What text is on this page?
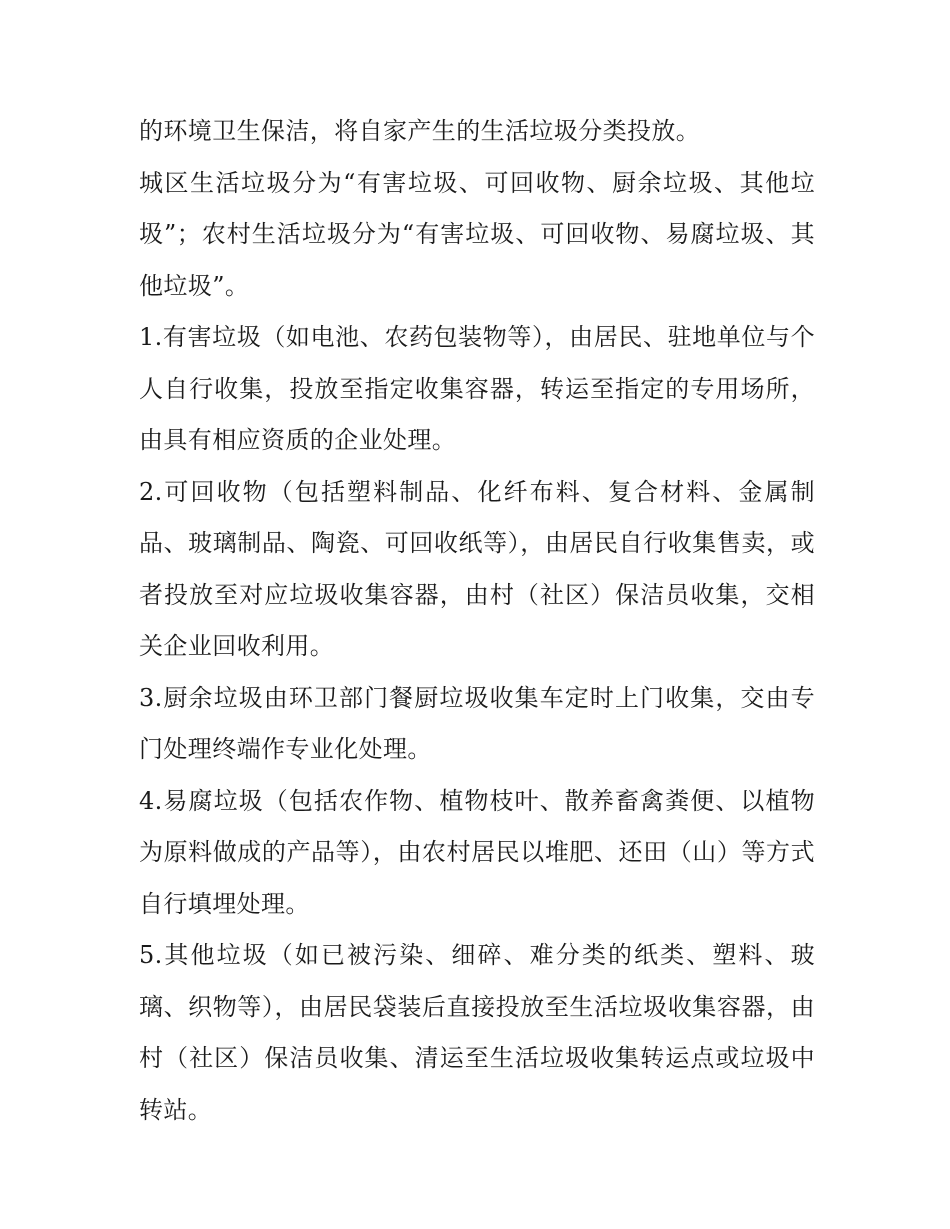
的环境卫生保洁，将自家产生的生活垃圾分类投放。

城区生活垃圾分为“有害垃圾、可回收物、厨余垃圾、其他垃圾”；农村生活垃圾分为“有害垃圾、可回收物、易腐垃圾、其他垃圾”。

1.有害垃圾（如电池、农药包装物等），由居民、驻地单位与个人自行收集，投放至指定收集容器，转运至指定的专用场所，由具有相应资质的企业处理。

2.可回收物（包括塑料制品、化纤布料、复合材料、金属制品、玻璃制品、陶瓷、可回收纸等），由居民自行收集售卖，或者投放至对应垃圾收集容器，由村（社区）保洁员收集，交相关企业回收利用。

3.厨余垃圾由环卫部门餐厨垃圾收集车定时上门收集，交由专门处理终端作专业化处理。

4.易腐垃圾（包括农作物、植物枝叶、散养畜禽粪便、以植物为原料做成的产品等），由农村居民以堆肥、还田（山）等方式自行填埋处理。

5.其他垃圾（如已被污染、细碎、难分类的纸类、塑料、玻璃、织物等），由居民袋装后直接投放至生活垃圾收集容器，由村（社区）保洁员收集、清运至生活垃圾收集转运点或垃圾中转站。
